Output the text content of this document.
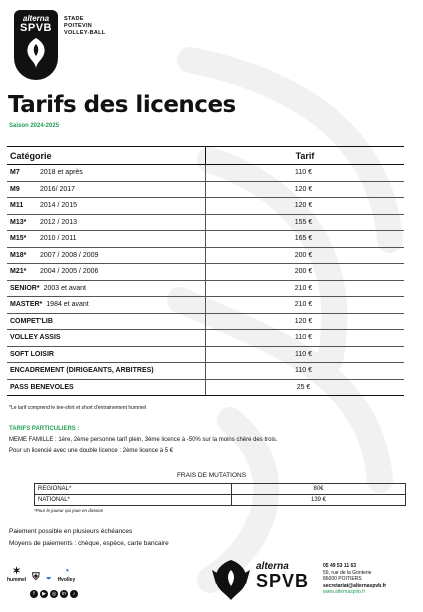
alterna
SPVB
STADE
POITEVIN
VOLLEY-BALL
Tarifs des licences
Saison 2024-2025
Catégorie	Tarif
M7 2018 et après	110 €
M9 2016/ 2017	120 €
M11 2014 / 2015	120 €
M13* 2012 / 2013	155 €
M15* 2010 / 2011	165 €
M18* 2007 / 2008 / 2009	200 €
M21* 2004 / 2005 / 2006	200 €
SENIOR* 2003 et avant	210 €
MASTER* 1984 et avant	210 €
COMPET'LIB	120 €
VOLLEY ASSIS	110 €
SOFT LOISIR	110 €
ENCADREMENT (DIRIGEANTS, ARBITRES)	110 €
PASS BENEVOLES	25 €
*Le tarif comprend le tee-shirt et short d'entrainement hummel
TARIFS PARTICULIERS :
MEME FAMILLE : 1ère, 2ème personne tarif plein, 3ème licence à -50% sur la moins chère des trois.
Pour un licencié avec une double licence : 2ème licence à 5 €
FRAIS DE MUTATIONS
REGIONAL*	80€
NATIONAL*	139 €
*Pour le joueur qui joue en division
Paiement possible en plusieurs échéances
Moyens de paiements : chèque, espèce, carte bancaire
✶
hummel ⛨ ◒
◔
ffvolley
f	▶	◎	in	♪
alterna
SPVB
05 49 53 11 63
59, rue de la Gonterie
86000 POITIERS
secretariat@alternaspvb.fr
www.alternaspvb.fr
